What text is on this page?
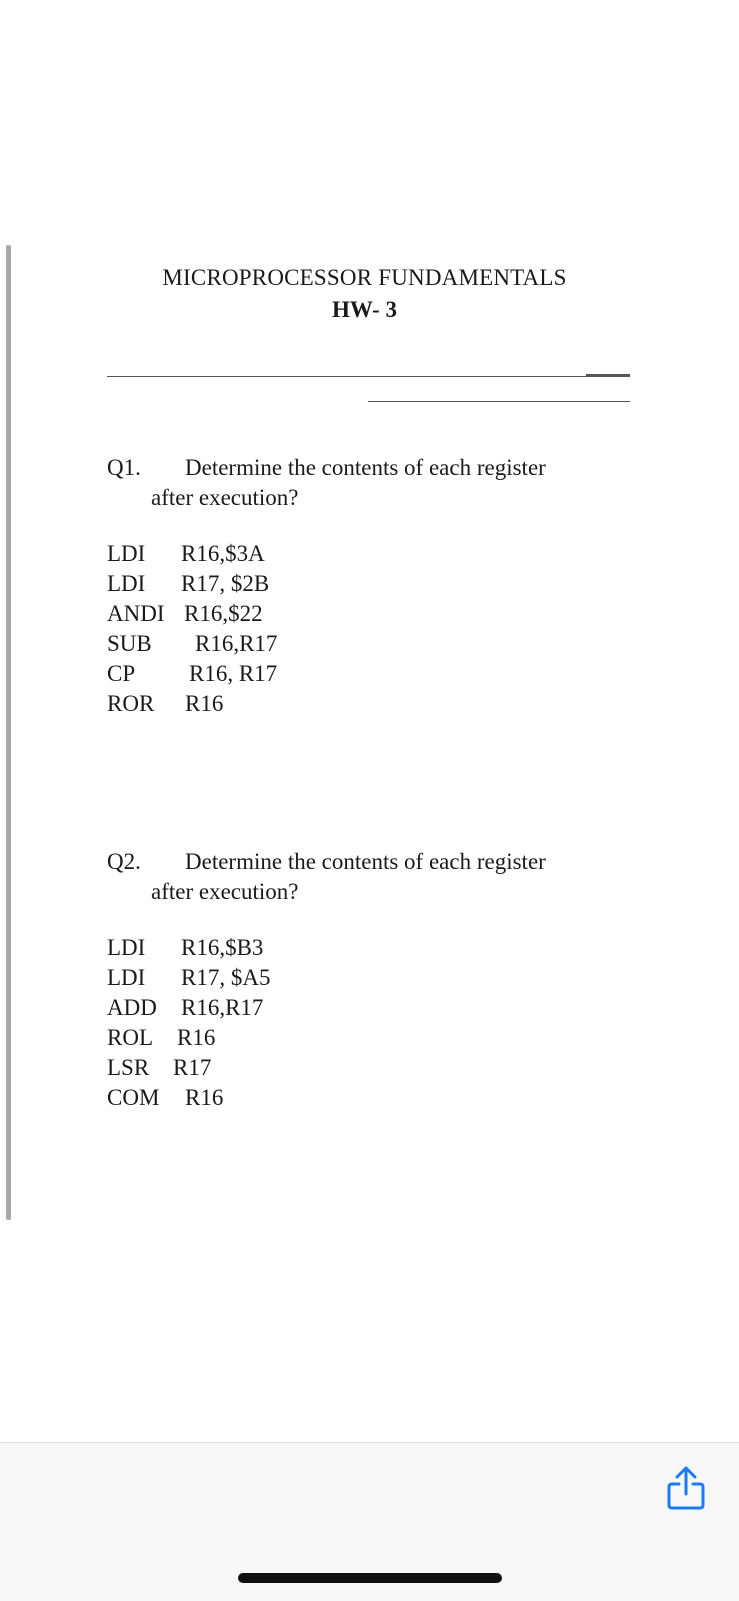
MICROPROCESSOR FUNDAMENTALS
HW- 3
Q1. Determine the contents of each register
after execution?
LDI R16,$3A
LDI R17, $2B
ANDI R16,$22
SUB R16,R17
CP R16, R17
ROR R16
Q2. Determine the contents of each register
after execution?
LDI R16,$B3
LDI R17, $A5
ADD R16,R17
ROL R16
LSR R17
COM R16
